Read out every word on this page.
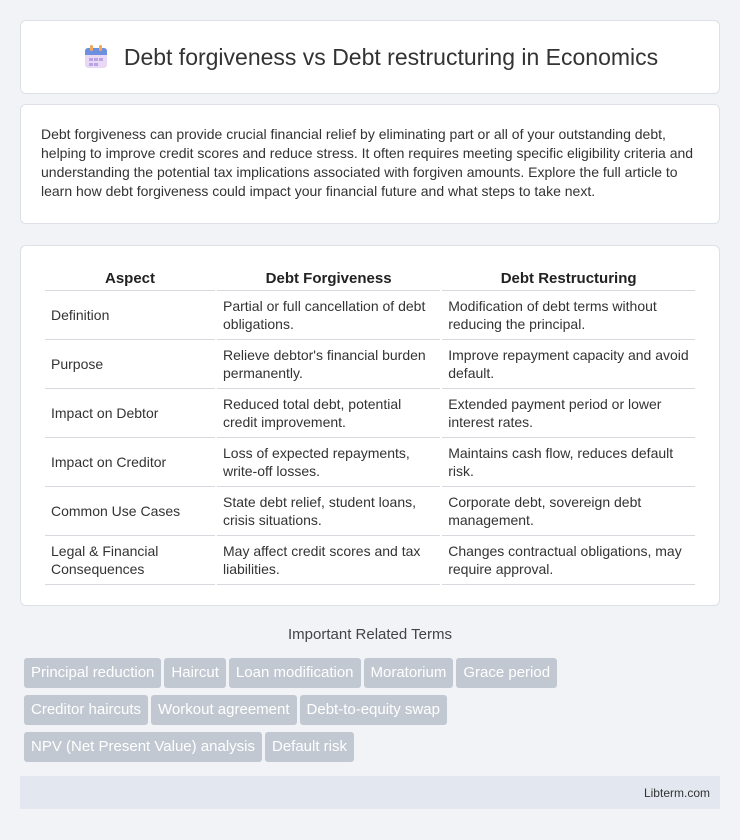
Debt forgiveness vs Debt restructuring in Economics

Debt forgiveness can provide crucial financial relief by eliminating part or all of your outstanding debt, helping to improve credit scores and reduce stress. It often requires meeting specific eligibility criteria and understanding the potential tax implications associated with forgiven amounts. Explore the full article to learn how debt forgiveness could impact your financial future and what steps to take next.

Aspect	Debt Forgiveness	Debt Restructuring
Definition	Partial or full cancellation of debt obligations.	Modification of debt terms without reducing the principal.
Purpose	Relieve debtor's financial burden permanently.	Improve repayment capacity and avoid default.
Impact on Debtor	Reduced total debt, potential credit improvement.	Extended payment period or lower interest rates.
Impact on Creditor	Loss of expected repayments, write-off losses.	Maintains cash flow, reduces default risk.
Common Use Cases	State debt relief, student loans, crisis situations.	Corporate debt, sovereign debt management.
Legal & Financial Consequences	May affect credit scores and tax liabilities.	Changes contractual obligations, may require approval.
Important Related Terms
Principal reduction Haircut Loan modification Moratorium Grace period
Creditor haircuts Workout agreement Debt-to-equity swap
NPV (Net Present Value) analysis Default risk
Libterm.com
